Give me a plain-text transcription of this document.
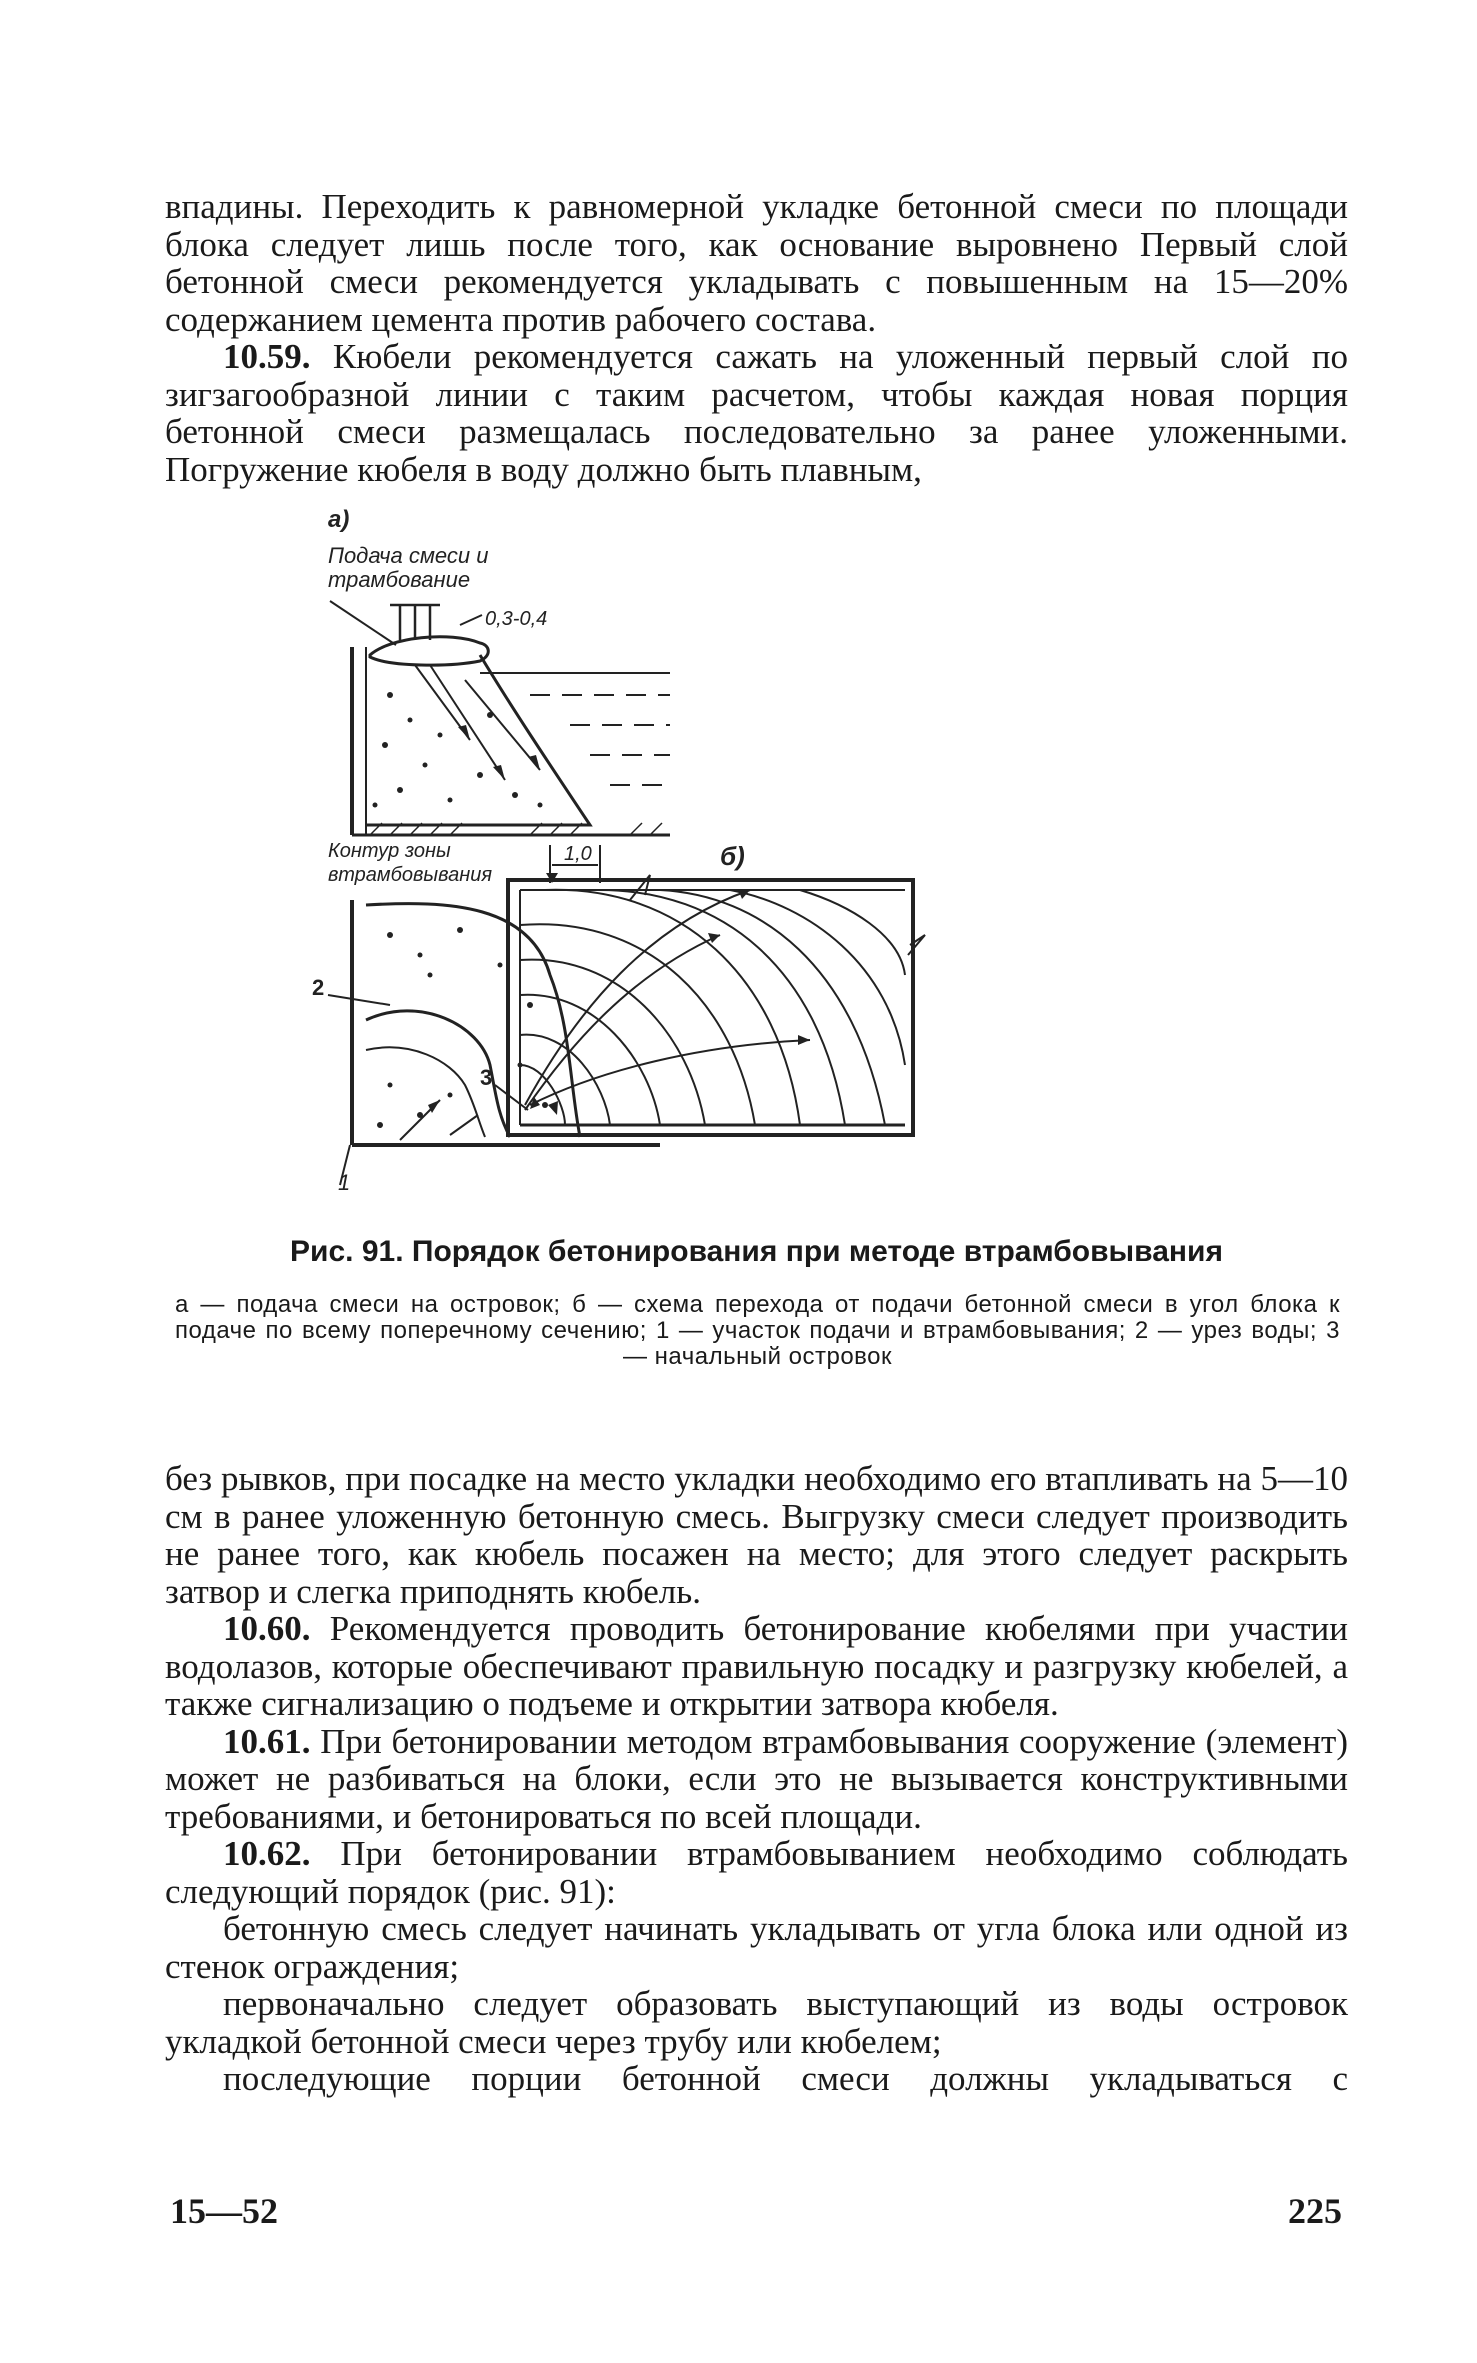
впадины. Переходить к равномерной укладке бетонной смеси по площади блока следует лишь после того, как основание выровнено Первый слой бетонной смеси рекомендуется укладывать с повышенным на 15—20% содержанием цемента против рабочего состава.

10.59. Кюбели рекомендуется сажать на уложенный первый слой по зигзагообразной линии с таким расчетом, чтобы каждая новая порция бетонной смеси размещалась последовательно за ранее уложенными. Погружение кюбеля в воду должно быть плавным,

а)
Подача смеси и
трамбование
0,3-0,4
Контур зоны
втрамбовывания
1,0	б)
2
1
3
Рис. 91. Порядок бетонирования при методе втрамбовывания

а — подача смеси на островок; б — схема перехода от подачи бетонной смеси в угол блока к подаче по всему поперечному сечению; 1 — участок подачи и втрамбовывания; 2 — урез воды; 3 — начальный островок

без рывков, при посадке на место укладки необходимо его втапливать на 5—10 см в ранее уложенную бетонную смесь. Выгрузку смеси следует производить не ранее того, как кюбель посажен на место; для этого следует раскрыть затвор и слегка приподнять кюбель.

10.60. Рекомендуется проводить бетонирование кюбелями при участии водолазов, которые обеспечивают правильную посадку и разгрузку кюбелей, а также сигнализацию о подъеме и открытии затвора кюбеля.

10.61. При бетонировании методом втрамбовывания сооружение (элемент) может не разбиваться на блоки, если это не вызывается конструктивными требованиями, и бетонироваться по всей площади.

10.62. При бетонировании втрамбовыванием необходимо соблюдать следующий порядок (рис. 91):

бетонную смесь следует начинать укладывать от угла блока или одной из стенок ограждения;

первоначально следует образовать выступающий из воды островок укладкой бетонной смеси через трубу или кюбелем;

последующие порции бетонной смеси должны укладываться с

15—52	225
